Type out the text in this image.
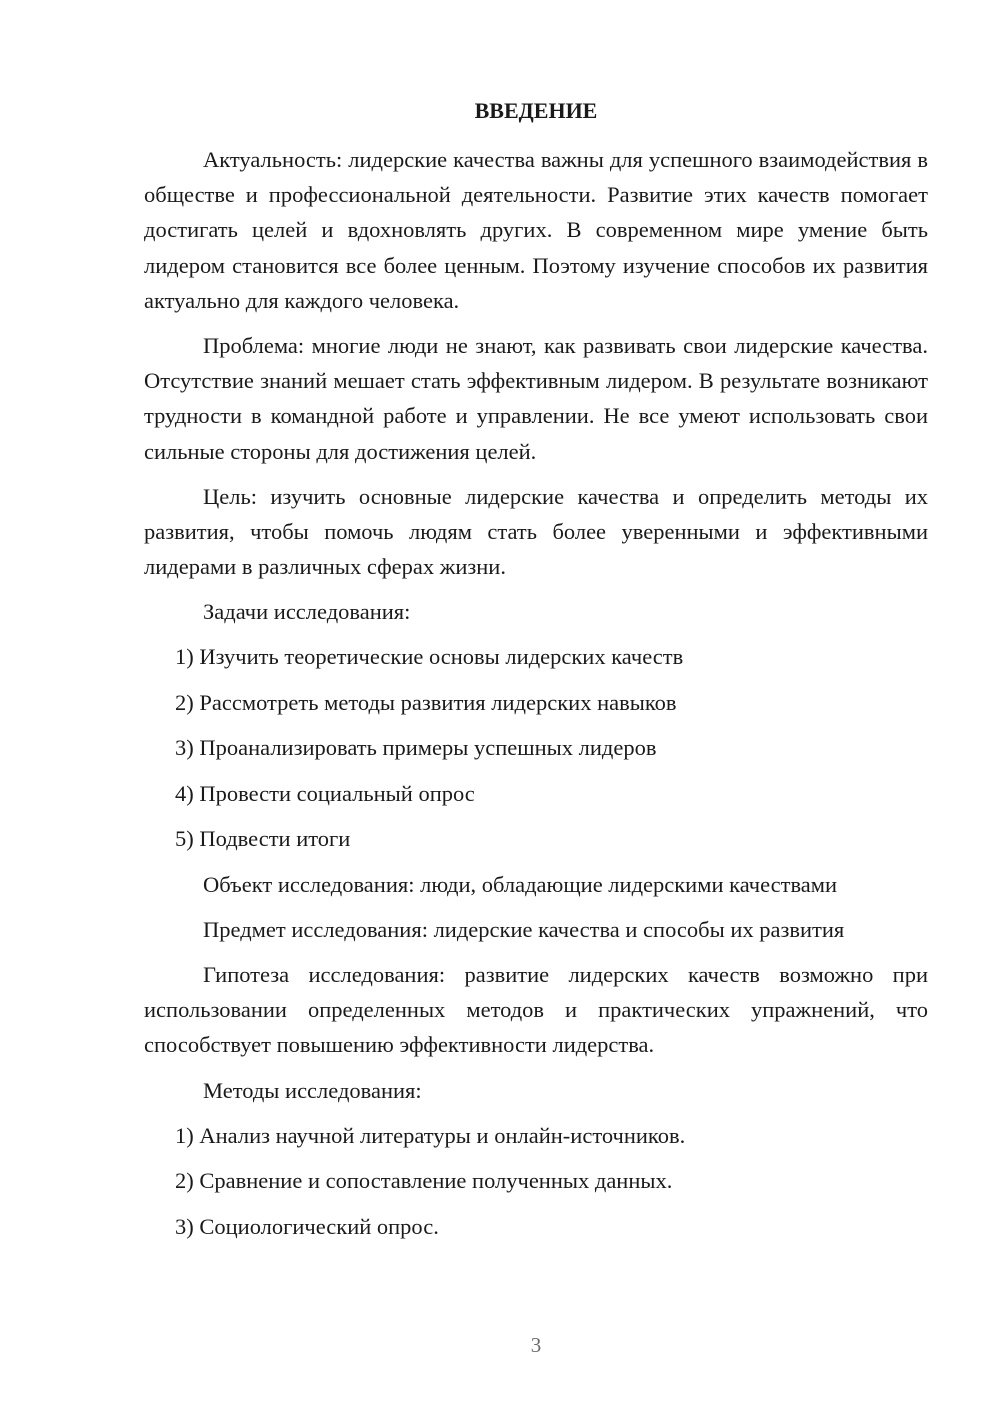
ВВЕДЕНИЕ

Актуальность: лидерские качества важны для успешного взаимодействия в обществе и профессиональной деятельности. Развитие этих качеств помогает достигать целей и вдохновлять других. В современном мире умение быть лидером становится все более ценным. Поэтому изучение способов их развития актуально для каждого человека.

Проблема: многие люди не знают, как развивать свои лидерские качества. Отсутствие знаний мешает стать эффективным лидером. В результате возникают трудности в командной работе и управлении. Не все умеют использовать свои сильные стороны для достижения целей.

Цель: изучить основные лидерские качества и определить методы их развития, чтобы помочь людям стать более уверенными и эффективными лидерами в различных сферах жизни.

Задачи исследования:

1) Изучить теоретические основы лидерских качеств

2) Рассмотреть методы развития лидерских навыков

3) Проанализировать примеры успешных лидеров

4) Провести социальный опрос

5) Подвести итоги

Объект исследования: люди, обладающие лидерскими качествами

Предмет исследования: лидерские качества и способы их развития

Гипотеза исследования: развитие лидерских качеств возможно при использовании определенных методов и практических упражнений, что способствует повышению эффективности лидерства.

Методы исследования:

1) Анализ научной литературы и онлайн-источников.

2) Сравнение и сопоставление полученных данных.

3) Социологический опрос.

3
